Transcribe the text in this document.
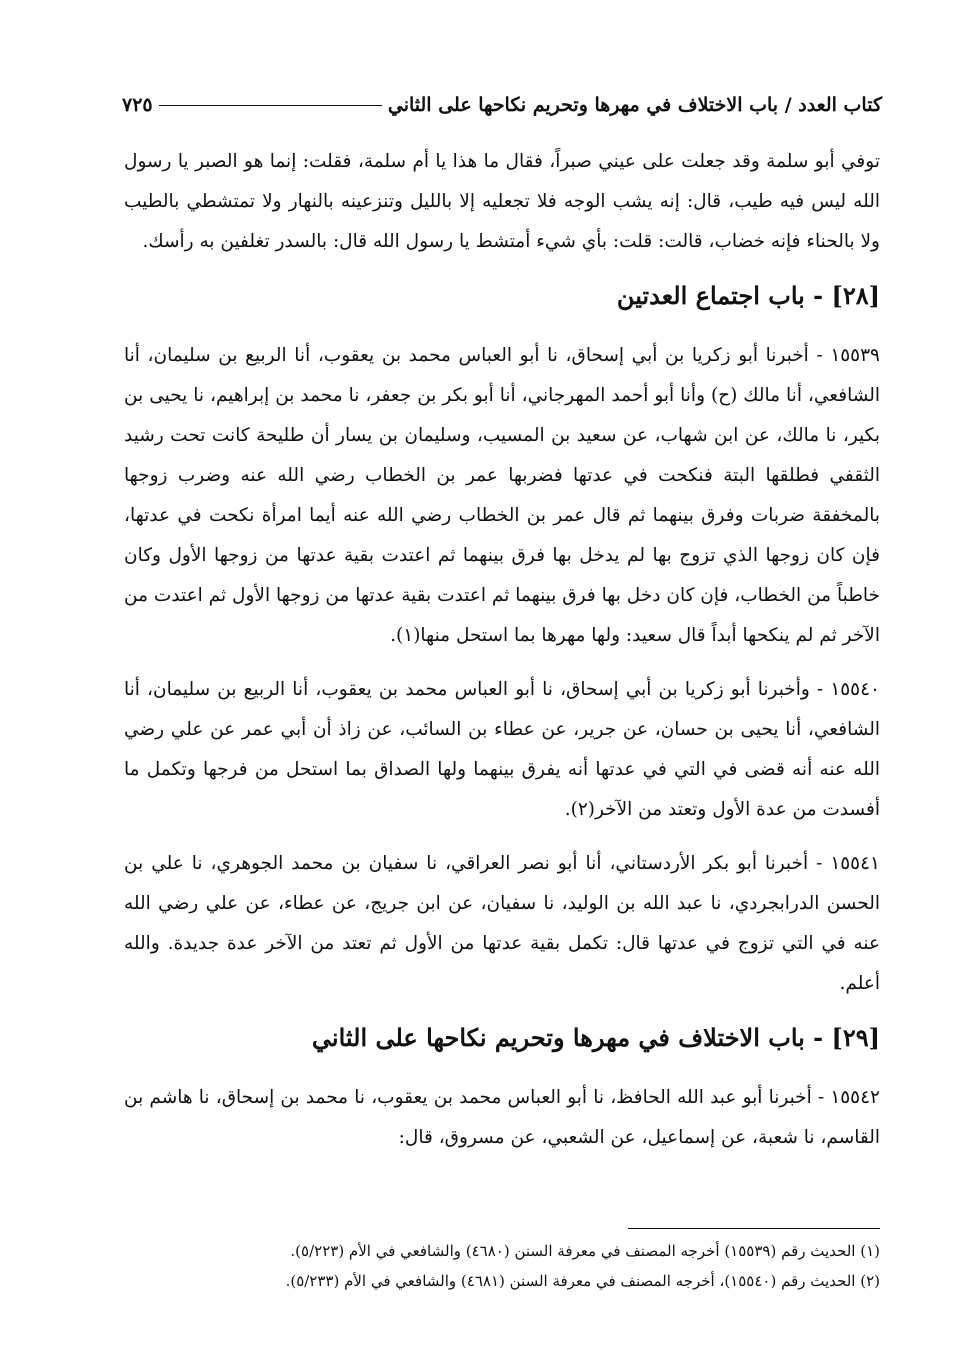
كتاب العدد / باب الاختلاف في مهرها وتحريم نكاحها على الثاني
٧٢٥

توفي أبو سلمة وقد جعلت على عيني صبراً، فقال ما هذا يا أم سلمة، فقلت: إنما هو الصبر يا رسول الله ليس فيه طيب، قال: إنه يشب الوجه فلا تجعليه إلا بالليل وتنزعينه بالنهار ولا تمتشطي بالطيب ولا بالحناء فإنه خضاب، قالت: قلت: بأي شيء أمتشط يا رسول الله قال: بالسدر تغلفين به رأسك.

[٢٨] - باب اجتماع العدتين

١٥٥٣٩ - أخبرنا أبو زكريا بن أبي إسحاق، نا أبو العباس محمد بن يعقوب، أنا الربيع بن سليمان، أنا الشافعي، أنا مالك (ح) وأنا أبو أحمد المهرجاني، أنا أبو بكر بن جعفر، نا محمد بن إبراهيم، نا يحيى بن بكير، نا مالك، عن ابن شهاب، عن سعيد بن المسيب، وسليمان بن يسار أن طليحة كانت تحت رشيد الثقفي فطلقها البتة فنكحت في عدتها فضربها عمر بن الخطاب رضي الله عنه وضرب زوجها بالمخفقة ضربات وفرق بينهما ثم قال عمر بن الخطاب رضي الله عنه أيما امرأة نكحت في عدتها، فإن كان زوجها الذي تزوج بها لم يدخل بها فرق بينهما ثم اعتدت بقية عدتها من زوجها الأول وكان خاطباً من الخطاب، فإن كان دخل بها فرق بينهما ثم اعتدت بقية عدتها من زوجها الأول ثم اعتدت من الآخر ثم لم ينكحها أبداً قال سعيد: ولها مهرها بما استحل منها(١).

١٥٥٤٠ - وأخبرنا أبو زكريا بن أبي إسحاق، نا أبو العباس محمد بن يعقوب، أنا الربيع بن سليمان، أنا الشافعي، أنا يحيى بن حسان، عن جرير، عن عطاء بن السائب، عن زاذ أن أبي عمر عن علي رضي الله عنه أنه قضى في التي في عدتها أنه يفرق بينهما ولها الصداق بما استحل من فرجها وتكمل ما أفسدت من عدة الأول وتعتد من الآخر(٢).

١٥٥٤١ - أخبرنا أبو بكر الأردستاني، أنا أبو نصر العراقي، نا سفيان بن محمد الجوهري، نا علي بن الحسن الدرابجردي، نا عبد الله بن الوليد، نا سفيان، عن ابن جريج، عن عطاء، عن علي رضي الله عنه في التي تزوج في عدتها قال: تكمل بقية عدتها من الأول ثم تعتد من الآخر عدة جديدة. والله أعلم.

[٢٩] - باب الاختلاف في مهرها وتحريم نكاحها على الثاني

١٥٥٤٢ - أخبرنا أبو عبد الله الحافظ، نا أبو العباس محمد بن يعقوب، نا محمد بن إسحاق، نا هاشم بن القاسم، نا شعبة، عن إسماعيل، عن الشعبي، عن مسروق، قال:

(١) الحديث رقم (١٥٥٣٩) أخرجه المصنف في معرفة السنن (٤٦٨٠) والشافعي في الأم (٥/٢٢٣).

(٢) الحديث رقم (١٥٥٤٠)، أخرجه المصنف في معرفة السنن (٤٦٨١) والشافعي في الأم (٥/٢٣٣).
